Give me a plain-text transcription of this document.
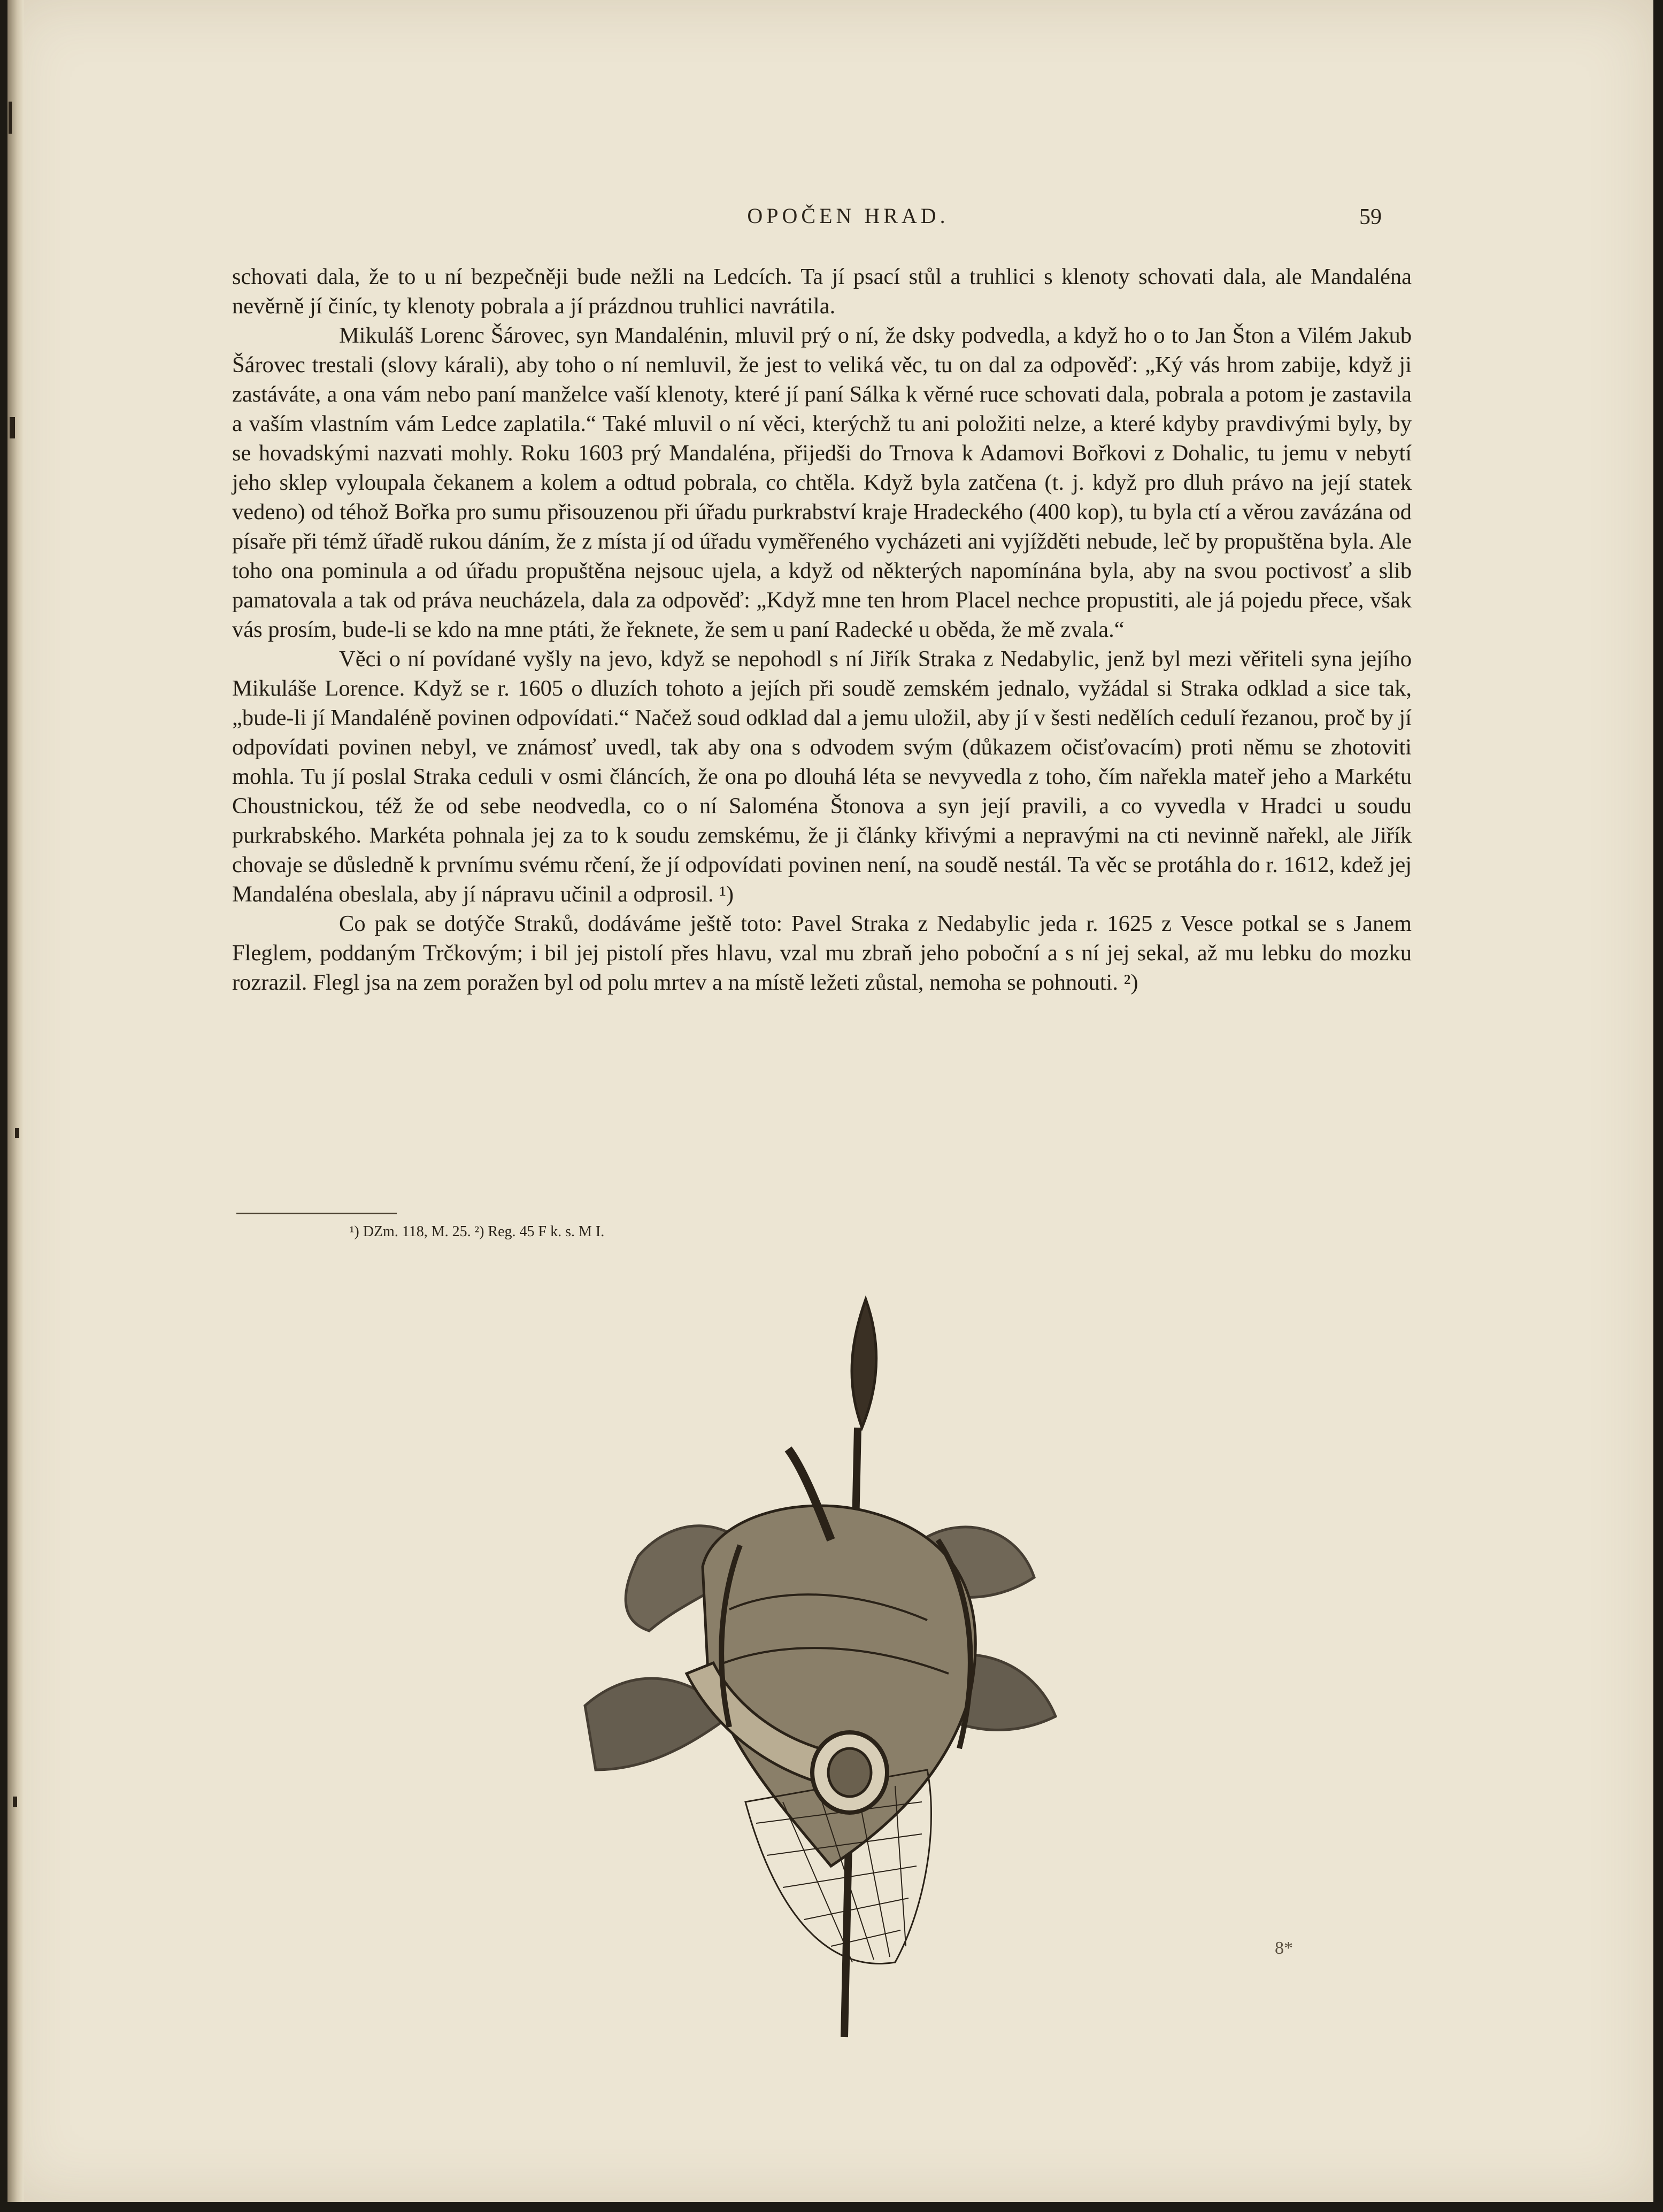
OPOČEN HRAD.	59

schovati dala, že to u ní bezpečněji bude nežli na Ledcích. Ta jí psací stůl a truhlici s klenoty schovati dala, ale Mandaléna nevěrně jí činíc, ty klenoty pobrala a jí prázdnou truhlici navrátila.

Mikuláš Lorenc Šárovec, syn Mandalénin, mluvil prý o ní, že dsky podvedla, a když ho o to Jan Šton a Vilém Jakub Šárovec trestali (slovy kárali), aby toho o ní nemluvil, že jest to veliká věc, tu on dal za odpověď: „Ký vás hrom zabije, když ji zastáváte, a ona vám nebo paní manželce vaší klenoty, které jí paní Sálka k věrné ruce schovati dala, pobrala a potom je zastavila a vaším vlastním vám Ledce zaplatila.“ Také mluvil o ní věci, kterýchž tu ani položiti nelze, a které kdyby pravdivými byly, by se hovadskými nazvati mohly. Roku 1603 prý Mandaléna, přijedši do Trnova k Adamovi Bořkovi z Dohalic, tu jemu v nebytí jeho sklep vyloupala čekanem a kolem a odtud pobrala, co chtěla. Když byla zatčena (t. j. když pro dluh právo na její statek vedeno) od téhož Bořka pro sumu přisouzenou při úřadu purkrabství kraje Hradeckého (400 kop), tu byla ctí a věrou zavázána od písaře při témž úřadě rukou dáním, že z místa jí od úřadu vyměřeného vycházeti ani vyjížděti nebude, leč by propuštěna byla. Ale toho ona pominula a od úřadu propuštěna nejsouc ujela, a když od některých napomínána byla, aby na svou poctivosť a slib pamatovala a tak od práva neucházela, dala za odpověď: „Když mne ten hrom Placel nechce propustiti, ale já pojedu přece, však vás prosím, bude-li se kdo na mne ptáti, že řeknete, že sem u paní Radecké u oběda, že mě zvala.“

Věci o ní povídané vyšly na jevo, když se nepohodl s ní Jiřík Straka z Nedabylic, jenž byl mezi věřiteli syna jejího Mikuláše Lorence. Když se r. 1605 o dluzích tohoto a jejích při soudě zemském jednalo, vyžádal si Straka odklad a sice tak, „bude-li jí Mandaléně povinen odpovídati.“ Načež soud odklad dal a jemu uložil, aby jí v šesti nedělích cedulí řezanou, proč by jí odpovídati povinen nebyl, ve známosť uvedl, tak aby ona s odvodem svým (důkazem očisťovacím) proti němu se zhotoviti mohla. Tu jí poslal Straka ceduli v osmi článcích, že ona po dlouhá léta se nevyvedla z toho, čím nařekla mateř jeho a Markétu Choustnickou, též že od sebe neodvedla, co o ní Saloména Štonova a syn její pravili, a co vyvedla v Hradci u soudu purkrabského. Markéta pohnala jej za to k soudu zemskému, že ji články křivými a nepravými na cti nevinně nařekl, ale Jiřík chovaje se důsledně k prvnímu svému rčení, že jí odpovídati povinen není, na soudě nestál. Ta věc se protáhla do r. 1612, kdež jej Mandaléna obeslala, aby jí nápravu učinil a odprosil. ¹)

Co pak se dotýče Straků, dodáváme ještě toto: Pavel Straka z Nedabylic jeda r. 1625 z Vesce potkal se s Janem Fleglem, poddaným Trčkovým; i bil jej pistolí přes hlavu, vzal mu zbraň jeho poboční a s ní jej sekal, až mu lebku do mozku rozrazil. Flegl jsa na zem poražen byl od polu mrtev a na místě ležeti zůstal, nemoha se pohnouti. ²)

¹) DZm. 118, M. 25. ²) Reg. 45 F k. s. M I.
8*
